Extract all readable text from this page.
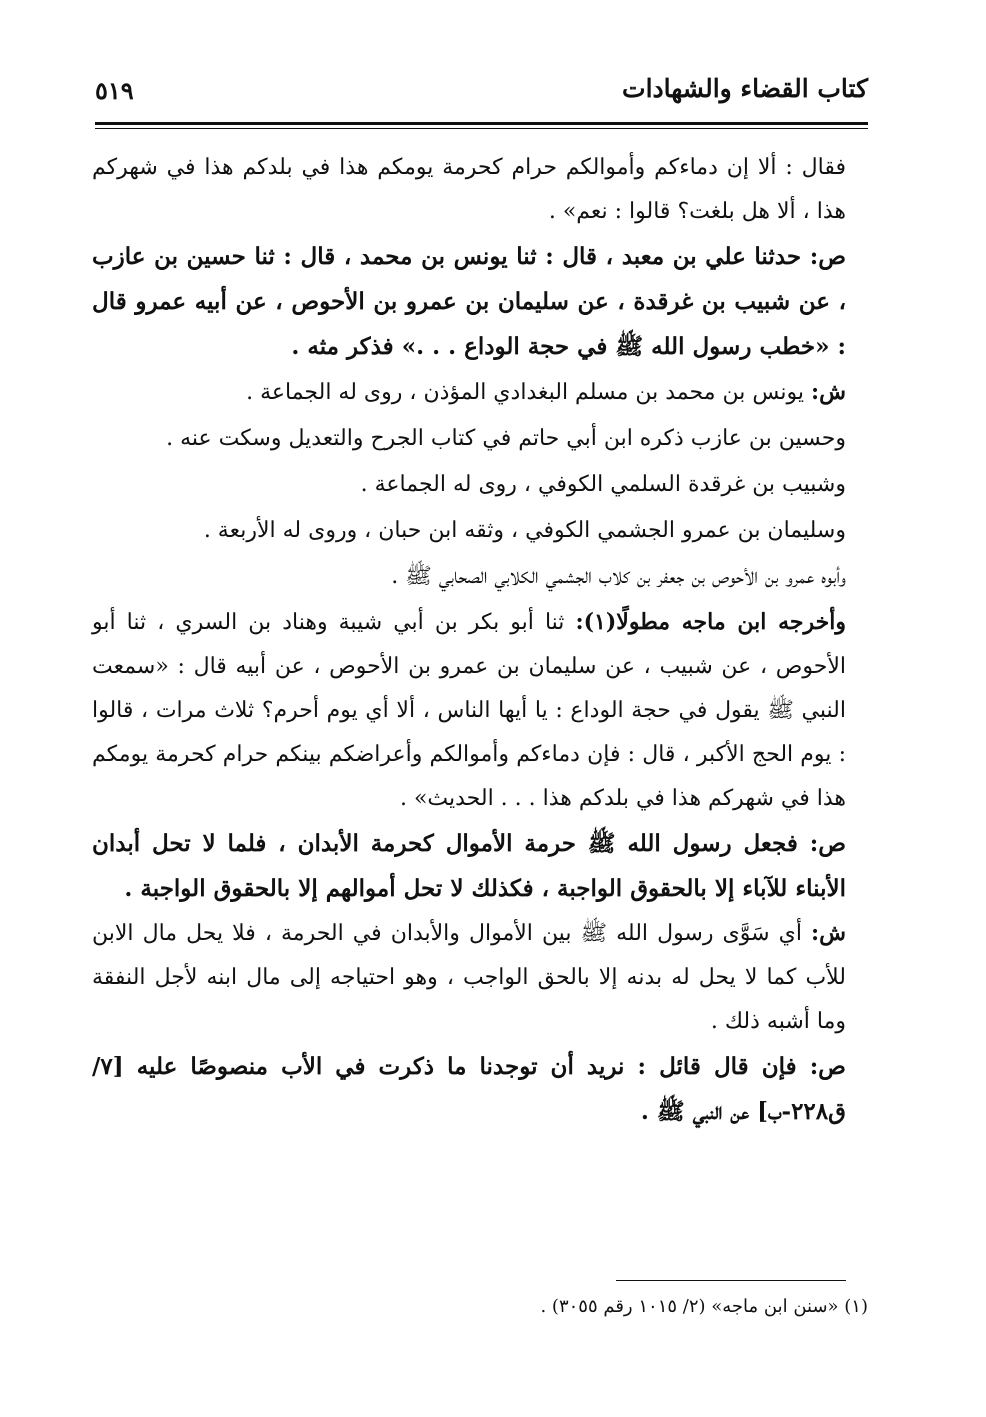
٥١٩	كتاب القضاء والشهادات

فقال : ألا إن دماءكم وأموالكم حرام كحرمة يومكم هذا في بلدكم هذا في شهركم هذا ، ألا هل بلغت؟ قالوا : نعم» .

ص: حدثنا علي بن معبد ، قال : ثنا يونس بن محمد ، قال : ثنا حسين بن عازب ، عن شبيب بن غرقدة ، عن سليمان بن عمرو بن الأحوص ، عن أبيه عمرو قال : «خطب رسول الله ﷺ في حجة الوداع . . .» فذكر مثه .

ش: يونس بن محمد بن مسلم البغدادي المؤذن ، روى له الجماعة .

وحسين بن عازب ذكره ابن أبي حاتم في كتاب الجرح والتعديل وسكت عنه .

وشبيب بن غرقدة السلمي الكوفي ، روى له الجماعة .

وسليمان بن عمرو الجشمي الكوفي ، وثقه ابن حبان ، وروى له الأربعة .

وأبوه عمرو بن الأحوص بن جعفر بن كلاب الجشمي الكلابي الصحابي ﷺ .

وأخرجه ابن ماجه مطولًا(١): ثنا أبو بكر بن أبي شيبة وهناد بن السري ، ثنا أبو الأحوص ، عن شبيب ، عن سليمان بن عمرو بن الأحوص ، عن أبيه قال : «سمعت النبي ﷺ يقول في حجة الوداع : يا أيها الناس ، ألا أي يوم أحرم؟ ثلاث مرات ، قالوا : يوم الحج الأكبر ، قال : فإن دماءكم وأموالكم وأعراضكم بينكم حرام كحرمة يومكم هذا في شهركم هذا في بلدكم هذا . . . الحديث» .

ص: فجعل رسول الله ﷺ حرمة الأموال كحرمة الأبدان ، فلما لا تحل أبدان الأبناء للآباء إلا بالحقوق الواجبة ، فكذلك لا تحل أموالهم إلا بالحقوق الواجبة .

ش: أي سَوَّى رسول الله ﷺ بين الأموال والأبدان في الحرمة ، فلا يحل مال الابن للأب كما لا يحل له بدنه إلا بالحق الواجب ، وهو احتياجه إلى مال ابنه لأجل النفقة وما أشبه ذلك .

ص: فإن قال قائل : نريد أن توجدنا ما ذكرت في الأب منصوصًا عليه [٧/ ق٢٢٨-ب] عن النبي ﷺ .

(١) «سنن ابن ماجه» (٢/ ١٠١٥ رقم ٣٠٥٥) .
